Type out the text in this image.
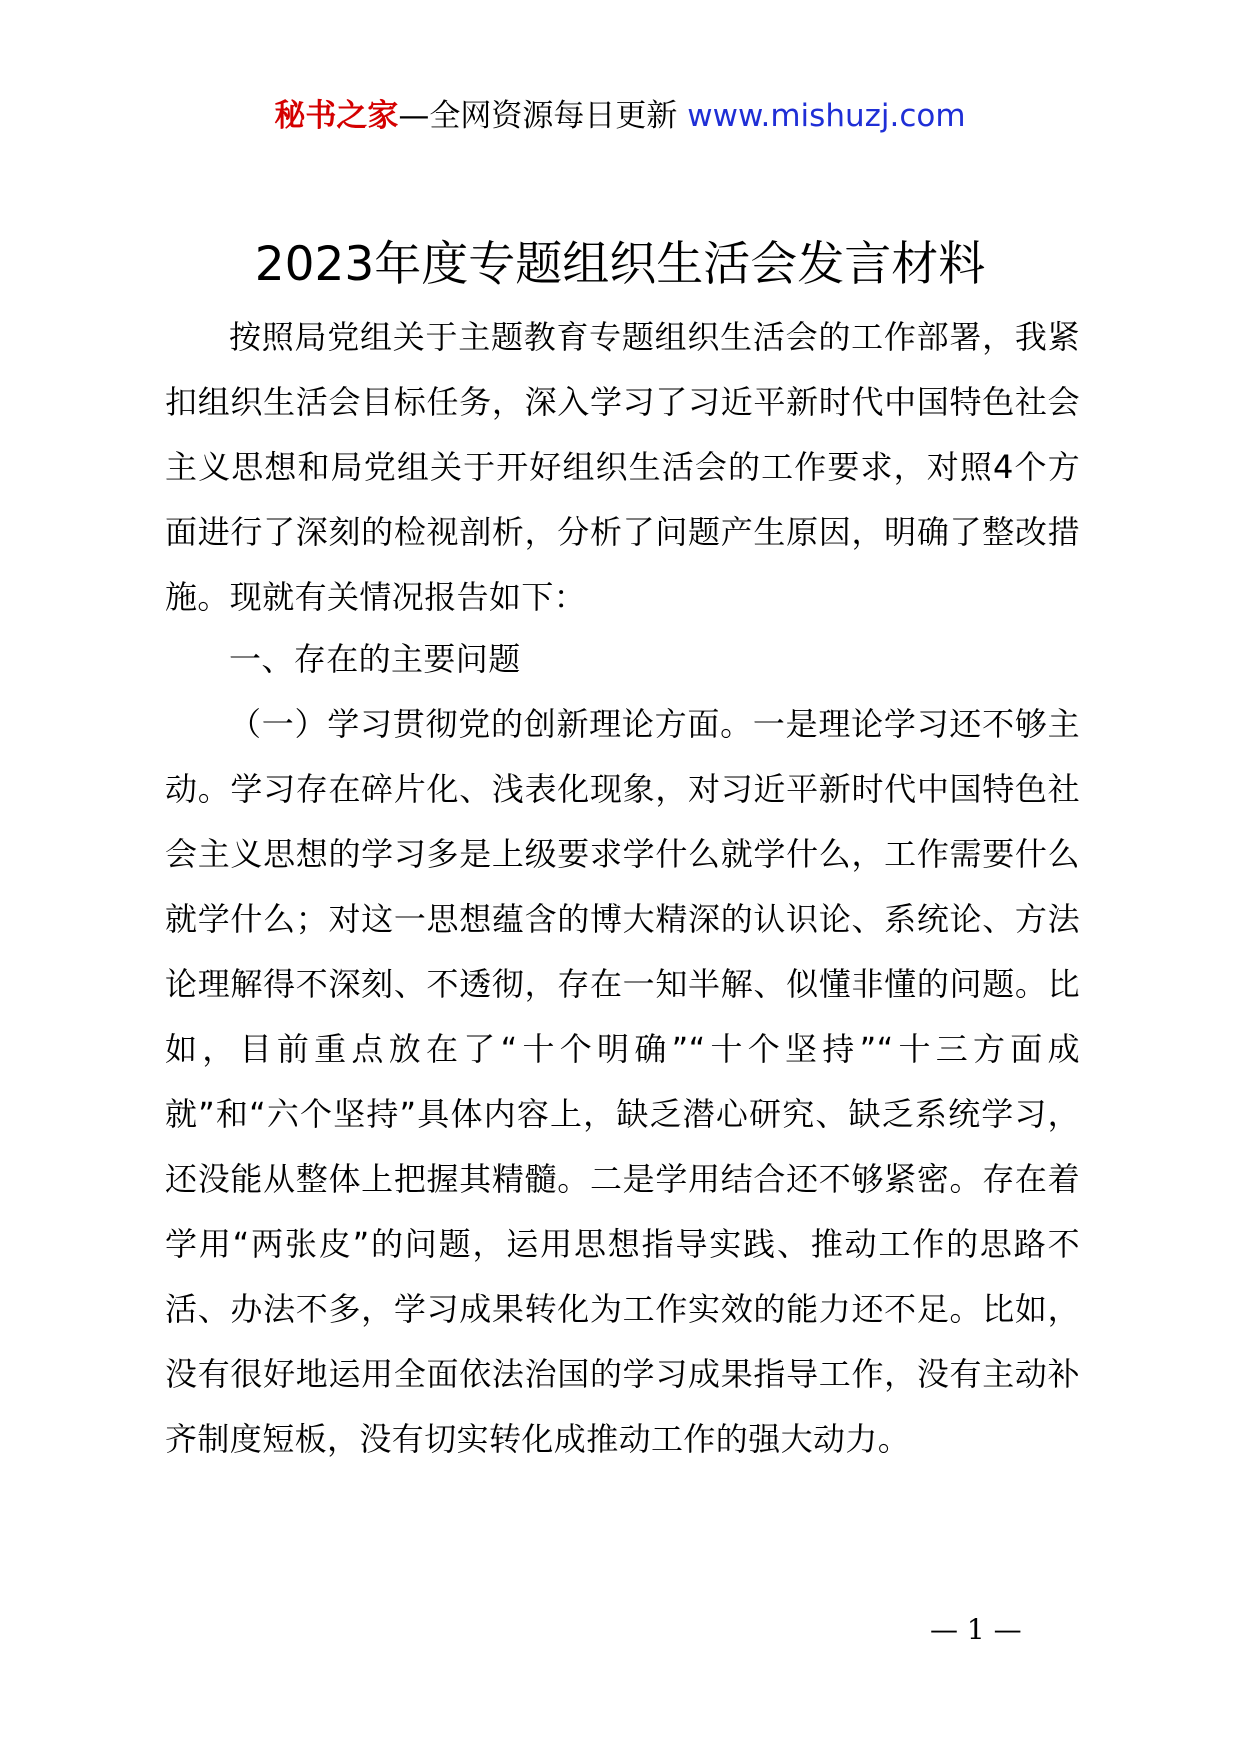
秘书之家—全网资源每日更新 www.mishuzj.com
2023年度专题组织生活会发言材料

按照局党组关于主题教育专题组织生活会的工作部署，我紧扣组织生活会目标任务，深入学习了习近平新时代中国特色社会主义思想和局党组关于开好组织生活会的工作要求，对照4个方面进行了深刻的检视剖析，分析了问题产生原因，明确了整改措施。现就有关情况报告如下：

一、存在的主要问题

（一）学习贯彻党的创新理论方面。一是理论学习还不够主动。学习存在碎片化、浅表化现象，对习近平新时代中国特色社会主义思想的学习多是上级要求学什么就学什么，工作需要什么就学什么；对这一思想蕴含的博大精深的认识论、系统论、方法论理解得不深刻、不透彻，存在一知半解、似懂非懂的问题。比如，目前重点放在了“十个明确”“十个坚持”“十三方面成就”和“六个坚持”具体内容上，缺乏潜心研究、缺乏系统学习，还没能从整体上把握其精髓。二是学用结合还不够紧密。存在着学用“两张皮”的问题，运用思想指导实践、推动工作的思路不活、办法不多，学习成果转化为工作实效的能力还不足。比如，没有很好地运用全面依法治国的学习成果指导工作，没有主动补齐制度短板，没有切实转化成推动工作的强大动力。

— 1 —
